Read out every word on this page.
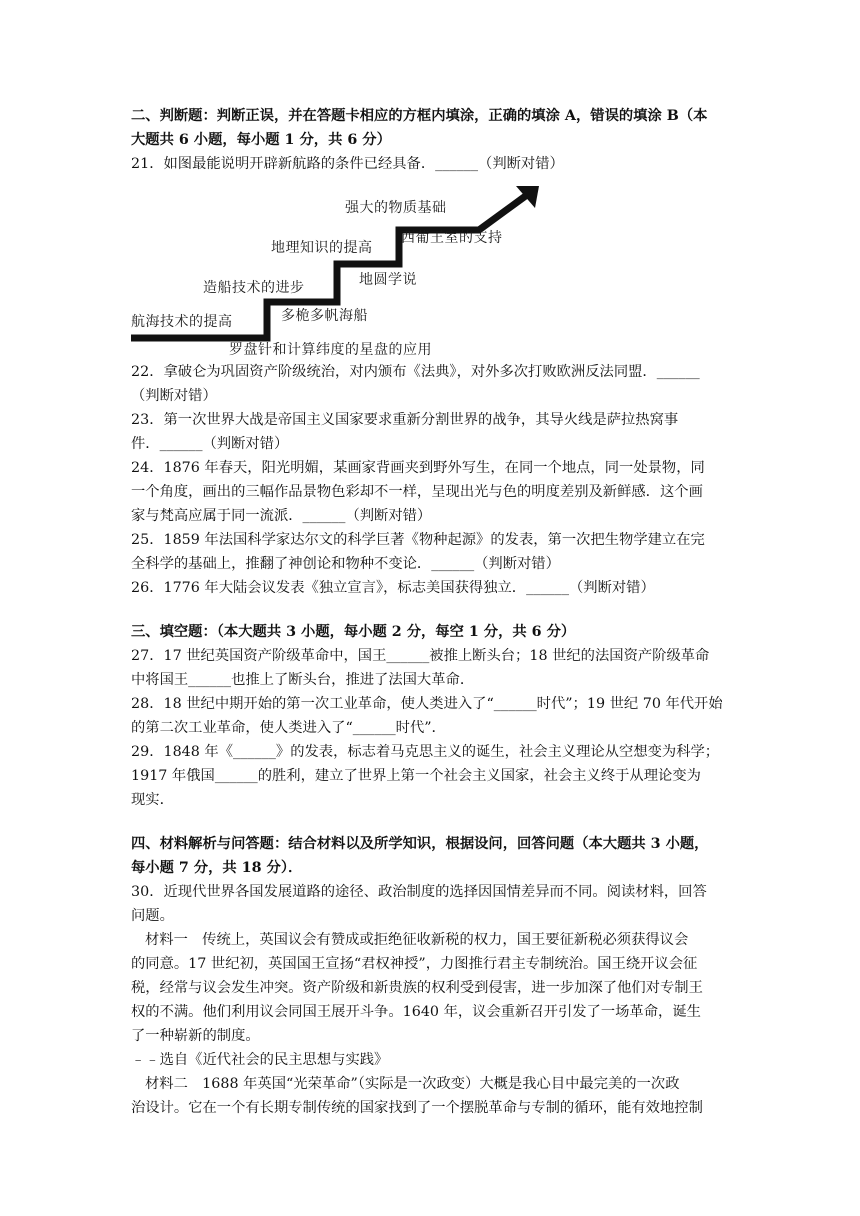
二、判断题：判断正误，并在答题卡相应的方框内填涂，正确的填涂 A，错误的填涂 B（本
大题共 6 小题，每小题 1 分，共 6 分）
21．如图最能说明开辟新航路的条件已经具备．______（判断对错）
强大的物质基础
西葡王室的支持
地理知识的提高
地圆学说
造船技术的进步
多桅多帆海船
航海技术的提高
罗盘针和计算纬度的星盘的应用
22．拿破仑为巩固资产阶级统治，对内颁布《法典》，对外多次打败欧洲反法同盟．______
（判断对错）
23．第一次世界大战是帝国主义国家要求重新分割世界的战争，其导火线是萨拉热窝事
件．______（判断对错）
24．1876 年春天，阳光明媚，某画家背画夹到野外写生，在同一个地点，同一处景物，同
一个角度，画出的三幅作品景物色彩却不一样，呈现出光与色的明度差别及新鲜感．这个画
家与梵高应属于同一流派．______（判断对错）
25．1859 年法国科学家达尔文的科学巨著《物种起源》的发表，第一次把生物学建立在完
全科学的基础上，推翻了神创论和物种不变论．______（判断对错）
26．1776 年大陆会议发表《独立宣言》，标志美国获得独立．______（判断对错）
三、填空题：（本大题共 3 小题，每小题 2 分，每空 1 分，共 6 分）
27．17 世纪英国资产阶级革命中，国王______被推上断头台；18 世纪的法国资产阶级革命
中将国王______也推上了断头台，推进了法国大革命．
28．18 世纪中期开始的第一次工业革命，使人类进入了“______时代”；19 世纪 70 年代开始
的第二次工业革命，使人类进入了“______时代”．
29．1848 年《______》的发表，标志着马克思主义的诞生，社会主义理论从空想变为科学；
1917 年俄国______的胜利，建立了世界上第一个社会主义国家，社会主义终于从理论变为
现实．
四、材料解析与问答题：结合材料以及所学知识，根据设问，回答问题（本大题共 3 小题，
每小题 7 分，共 18 分）．
30．近现代世界各国发展道路的途径、政治制度的选择因国情差异而不同。阅读材料，回答
问题。
材料一　传统上，英国议会有赞成或拒绝征收新税的权力，国王要征新税必须获得议会
的同意。17 世纪初，英国国王宣扬“君权神授”，力图推行君主专制统治。国王绕开议会征
税，经常与议会发生冲突。资产阶级和新贵族的权利受到侵害，进一步加深了他们对专制王
权的不满。他们利用议会同国王展开斗争。1640 年，议会重新召开引发了一场革命，诞生
了一种崭新的制度。
﹣﹣选自《近代社会的民主思想与实践》
材料二　1688 年英国“光荣革命”（实际是一次政变）大概是我心目中最完美的一次政
治设计。它在一个有长期专制传统的国家找到了一个摆脱革命与专制的循环，能有效地控制
